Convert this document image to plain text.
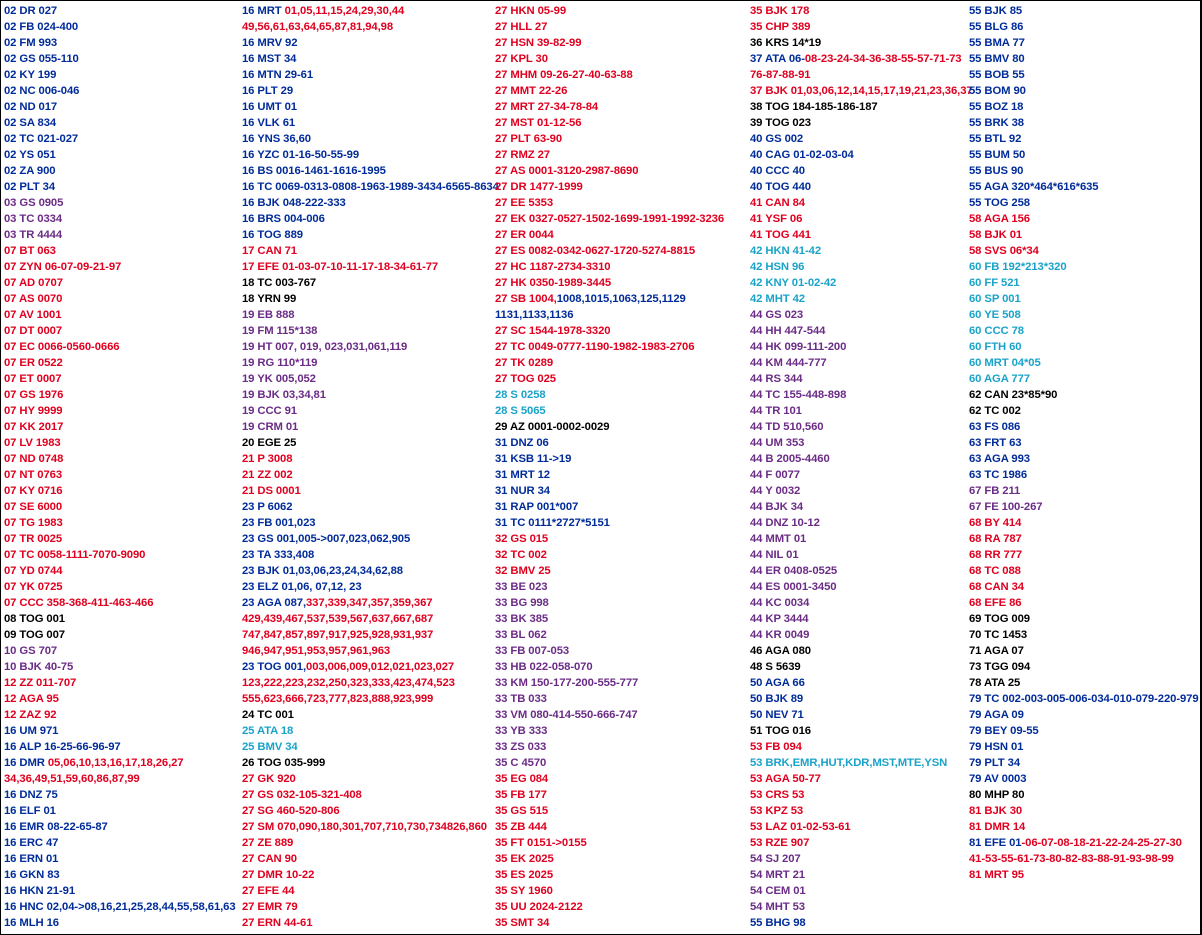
02 DR 027
02 FB 024-400
02 FM 993
02 GS 055-110
02 KY 199
02 NC 006-046
02 ND 017
02 SA 834
02 TC 021-027
02 YS 051
02 ZA 900
02 PLT 34
03 GS 0905
03 TC 0334
03 TR 4444
07 BT 063
07 ZYN 06-07-09-21-97
07 AD 0707
07 AS 0070
07 AV 1001
07 DT 0007
07 EC 0066-0560-0666
07 ER 0522
07 ET 0007
07 GS 1976
07 HY 9999
07 KK 2017
07 LV 1983
07 ND 0748
07 NT 0763
07 KY 0716
07 SE 6000
07 TG 1983
07 TR 0025
07 TC 0058-1111-7070-9090
07 YD 0744
07 YK 0725
07 CCC 358-368-411-463-466
08 TOG 001
09 TOG 007
10 GS 707
10 BJK 40-75
12 ZZ 011-707
12 AGA 95
12 ZAZ 92
16 UM 971
16 ALP 16-25-66-96-97
16 DMR 05,06,10,13,16,17,18,26,27
34,36,49,51,59,60,86,87,99
16 DNZ 75
16 ELF 01
16 EMR 08-22-65-87
16 ERC 47
16 ERN 01
16 GKN 83
16 HKN 21-91
16 HNC 02,04->08,16,21,25,28,44,55,58,61,63
16 MLH 16
16 MRT 01,05,11,15,24,29,30,44
49,56,61,63,64,65,87,81,94,98
16 MRV 92
16 MST 34
16 MTN 29-61
16 PLT 29
16 UMT 01
16 VLK 61
16 YNS 36,60
16 YZC 01-16-50-55-99
16 BS 0016-1461-1616-1995
16 TC 0069-0313-0808-1963-1989-3434-6565-8634
16 BJK 048-222-333
16 BRS 004-006
16 TOG 889
17 CAN 71
17 EFE 01-03-07-10-11-17-18-34-61-77
18 TC 003-767
18 YRN 99
19 EB 888
19 FM 115*138
19 HT 007, 019, 023,031,061,119
19 RG 110*119
19 YK 005,052
19 BJK 03,34,81
19 CCC 91
19 CRM 01
20 EGE 25
21 P 3008
21 ZZ 002
21 DS 0001
23 P 6062
23 FB 001,023
23 GS 001,005->007,023,062,905
23 TA 333,408
23 BJK 01,03,06,23,24,34,62,88
23 ELZ 01,06, 07,12, 23
23 AGA 087,337,339,347,357,359,367
429,439,467,537,539,567,637,667,687
747,847,857,897,917,925,928,931,937
946,947,951,953,957,961,963
23 TOG 001,003,006,009,012,021,023,027
123,222,223,232,250,323,333,423,474,523
555,623,666,723,777,823,888,923,999
24 TC 001
25 ATA 18
25 BMV 34
26 TOG 035-999
27 GK 920
27 GS 032-105-321-408
27 SG 460-520-806
27 SM 070,090,180,301,707,710,730,734826,860
27 ZE 889
27 CAN 90
27 DMR 10-22
27 EFE 44
27 EMR 79
27 ERN 44-61
27 HKN 05-99
27 HLL 27
27 HSN 39-82-99
27 KPL 30
27 MHM 09-26-27-40-63-88
27 MMT 22-26
27 MRT 27-34-78-84
27 MST 01-12-56
27 PLT 63-90
27 RMZ 27
27 AS 0001-3120-2987-8690
27 DR 1477-1999
27 EE 5353
27 EK 0327-0527-1502-1699-1991-1992-3236
27 ER 0044
27 ES 0082-0342-0627-1720-5274-8815
27 HC 1187-2734-3310
27 HK 0350-1989-3445
27 SB 1004,1008,1015,1063,125,1129
1131,1133,1136
27 SC 1544-1978-3320
27 TC 0049-0777-1190-1982-1983-2706
27 TK 0289
27 TOG 025
28 S 0258
28 S 5065
29 AZ 0001-0002-0029
31 DNZ 06
31 KSB 11->19
31 MRT 12
31 NUR 34
31 RAP 001*007
31 TC 0111*2727*5151
32 GS 015
32 TC 002
32 BMV 25
33 BE 023
33 BG 998
33 BK 385
33 BL 062
33 FB 007-053
33 HB 022-058-070
33 KM 150-177-200-555-777
33 TB 033
33 VM 080-414-550-666-747
33 YB 333
33 ZS 033
35 C 4570
35 EG 084
35 FB 177
35 GS 515
35 ZB 444
35 FT 0151->0155
35 EK 2025
35 ES 2025
35 SY 1960
35 UU 2024-2122
35 SMT 34
35 BJK 178
35 CHP 389
36 KRS 14*19
37 ATA 06-08-23-24-34-36-38-55-57-71-73
76-87-88-91
37 BJK 01,03,06,12,14,15,17,19,21,23,36,37
38 TOG 184-185-186-187
39 TOG 023
40 GS 002
40 CAG 01-02-03-04
40 CCC 40
40 TOG 440
41 CAN 84
41 YSF 06
41 TOG 441
42 HKN 41-42
42 HSN 96
42 KNY 01-02-42
42 MHT 42
44 GS 023
44 HH 447-544
44 HK 099-111-200
44 KM 444-777
44 RS 344
44 TC 155-448-898
44 TR 101
44 TD 510,560
44 UM 353
44 B 2005-4460
44 F 0077
44 Y 0032
44 BJK 34
44 DNZ 10-12
44 MMT 01
44 NIL 01
44 ER 0408-0525
44 ES 0001-3450
44 KC 0034
44 KP 3444
44 KR 0049
46 AGA 080
48 S 5639
50 AGA 66
50 BJK 89
50 NEV 71
51 TOG 016
53 FB 094
53 BRK,EMR,HUT,KDR,MST,MTE,YSN
53 AGA 50-77
53 CRS 53
53 KPZ 53
53 LAZ 01-02-53-61
53 RZE 907
54 SJ 207
54 MRT 21
54 CEM 01
54 MHT 53
55 BHG 98
55 BJK 85
55 BLG 86
55 BMA 77
55 BMV 80
55 BOB 55
55 BOM 90
55 BOZ 18
55 BRK 38
55 BTL 92
55 BUM 50
55 BUS 90
55 AGA 320*464*616*635
55 TOG 258
58 AGA 156
58 BJK 01
58 SVS 06*34
60 FB 192*213*320
60 FF 521
60 SP 001
60 YE 508
60 CCC 78
60 FTH 60
60 MRT 04*05
60 AGA 777
62 CAN 23*85*90
62 TC 002
63 FS 086
63 FRT 63
63 AGA 993
63 TC 1986
67 FB 211
67 FE 100-267
68 BY 414
68 RA 787
68 RR 777
68 TC 088
68 CAN 34
68 EFE 86
69 TOG 009
70 TC 1453
71 AGA 07
73 TGG 094
78 ATA 25
79 TC 002-003-005-006-034-010-079-220-979
79 AGA 09
79 BEY 09-55
79 HSN 01
79 PLT 34
79 AV 0003
80 MHP 80
81 BJK 30
81 DMR 14
81 EFE 01-06-07-08-18-21-22-24-25-27-30
41-53-55-61-73-80-82-83-88-91-93-98-99
81 MRT 95
